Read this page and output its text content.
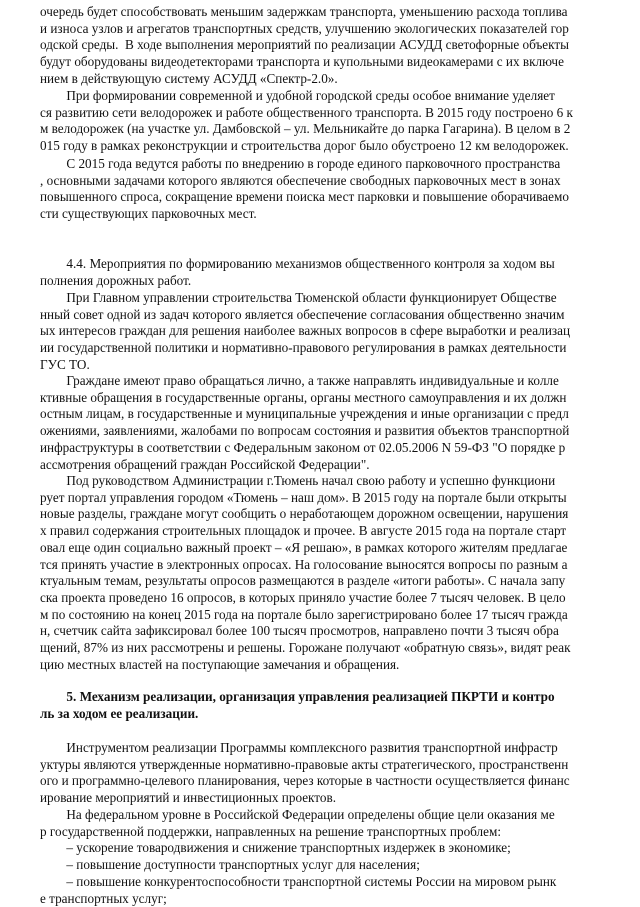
очередь будет способствовать меньшим задержкам транспорта, уменьшению расхода топлива
и износа узлов и агрегатов транспортных средств, улучшению экологических показателей гор
одской среды.  В ходе выполнения мероприятий по реализации АСУДД светофорные объекты
будут оборудованы видеодетекторами транспорта и купольными видеокамерами с их включе
нием в действующую систему АСУДД «Спектр-2.0».
При формировании современной и удобной городской среды особое внимание уделяет
ся развитию сети велодорожек и работе общественного транспорта. В 2015 году построено 6 к
м велодорожек (на участке ул. Дамбовской – ул. Мельникайте до парка Гагарина). В целом в 2
015 году в рамках реконструкции и строительства дорог было обустроено 12 км велодорожек.
С 2015 года ведутся работы по внедрению в городе единого парковочного пространства
, основными задачами которого являются обеспечение свободных парковочных мест в зонах
повышенного спроса, сокращение времени поиска мест парковки и повышение оборачиваемо
сти существующих парковочных мест.
4.4. Мероприятия по формированию механизмов общественного контроля за ходом вы
полнения дорожных работ.
При Главном управлении строительства Тюменской области функционирует Обществе
нный совет одной из задач которого является обеспечение согласования общественно значим
ых интересов граждан для решения наиболее важных вопросов в сфере выработки и реализац
ии государственной политики и нормативно-правового регулирования в рамках деятельности
ГУС ТО.
Граждане имеют право обращаться лично, а также направлять индивидуальные и колле
ктивные обращения в государственные органы, органы местного самоуправления и их должн
остным лицам, в государственные и муниципальные учреждения и иные организации с предл
ожениями, заявлениями, жалобами по вопросам состояния и развития объектов транспортной
инфраструктуры в соответствии с Федеральным законом от 02.05.2006 N 59-ФЗ "О порядке р
ассмотрения обращений граждан Российской Федерации".
Под руководством Администрации г.Тюмень начал свою работу и успешно функциони
рует портал управления городом «Тюмень – наш дом». В 2015 году на портале были открыты
новые разделы, граждане могут сообщить о неработающем дорожном освещении, нарушения
х правил содержания строительных площадок и прочее. В августе 2015 года на портале старт
овал еще один социально важный проект – «Я решаю», в рамках которого жителям предлагае
тся принять участие в электронных опросах. На голосование выносятся вопросы по разным а
ктуальным темам, результаты опросов размещаются в разделе «итоги работы». С начала запу
ска проекта проведено 16 опросов, в которых приняло участие более 7 тысяч человек. В цело
м по состоянию на конец 2015 года на портале было зарегистрировано более 17 тысяч гражда
н, счетчик сайта зафиксировал более 100 тысяч просмотров, направлено почти 3 тысяч обра
щений, 87% из них рассмотрены и решены. Горожане получают «обратную связь», видят реак
цию местных властей на поступающие замечания и обращения.
5. Механизм реализации, организация управления реализацией ПКРТИ и контро
ль за ходом ее реализации.
Инструментом реализации Программы комплексного развития транспортной инфрастр
уктуры являются утвержденные нормативно-правовые акты стратегического, пространственн
ого и программно-целевого планирования, через которые в частности осуществляется финанс
ирование мероприятий и инвестиционных проектов.
На федеральном уровне в Российской Федерации определены общие цели оказания ме
р государственной поддержки, направленных на решение транспортных проблем:
– ускорение товародвижения и снижение транспортных издержек в экономике;
– повышение доступности транспортных услуг для населения;
– повышение конкурентоспособности транспортной системы России на мировом рынк
е транспортных услуг;
